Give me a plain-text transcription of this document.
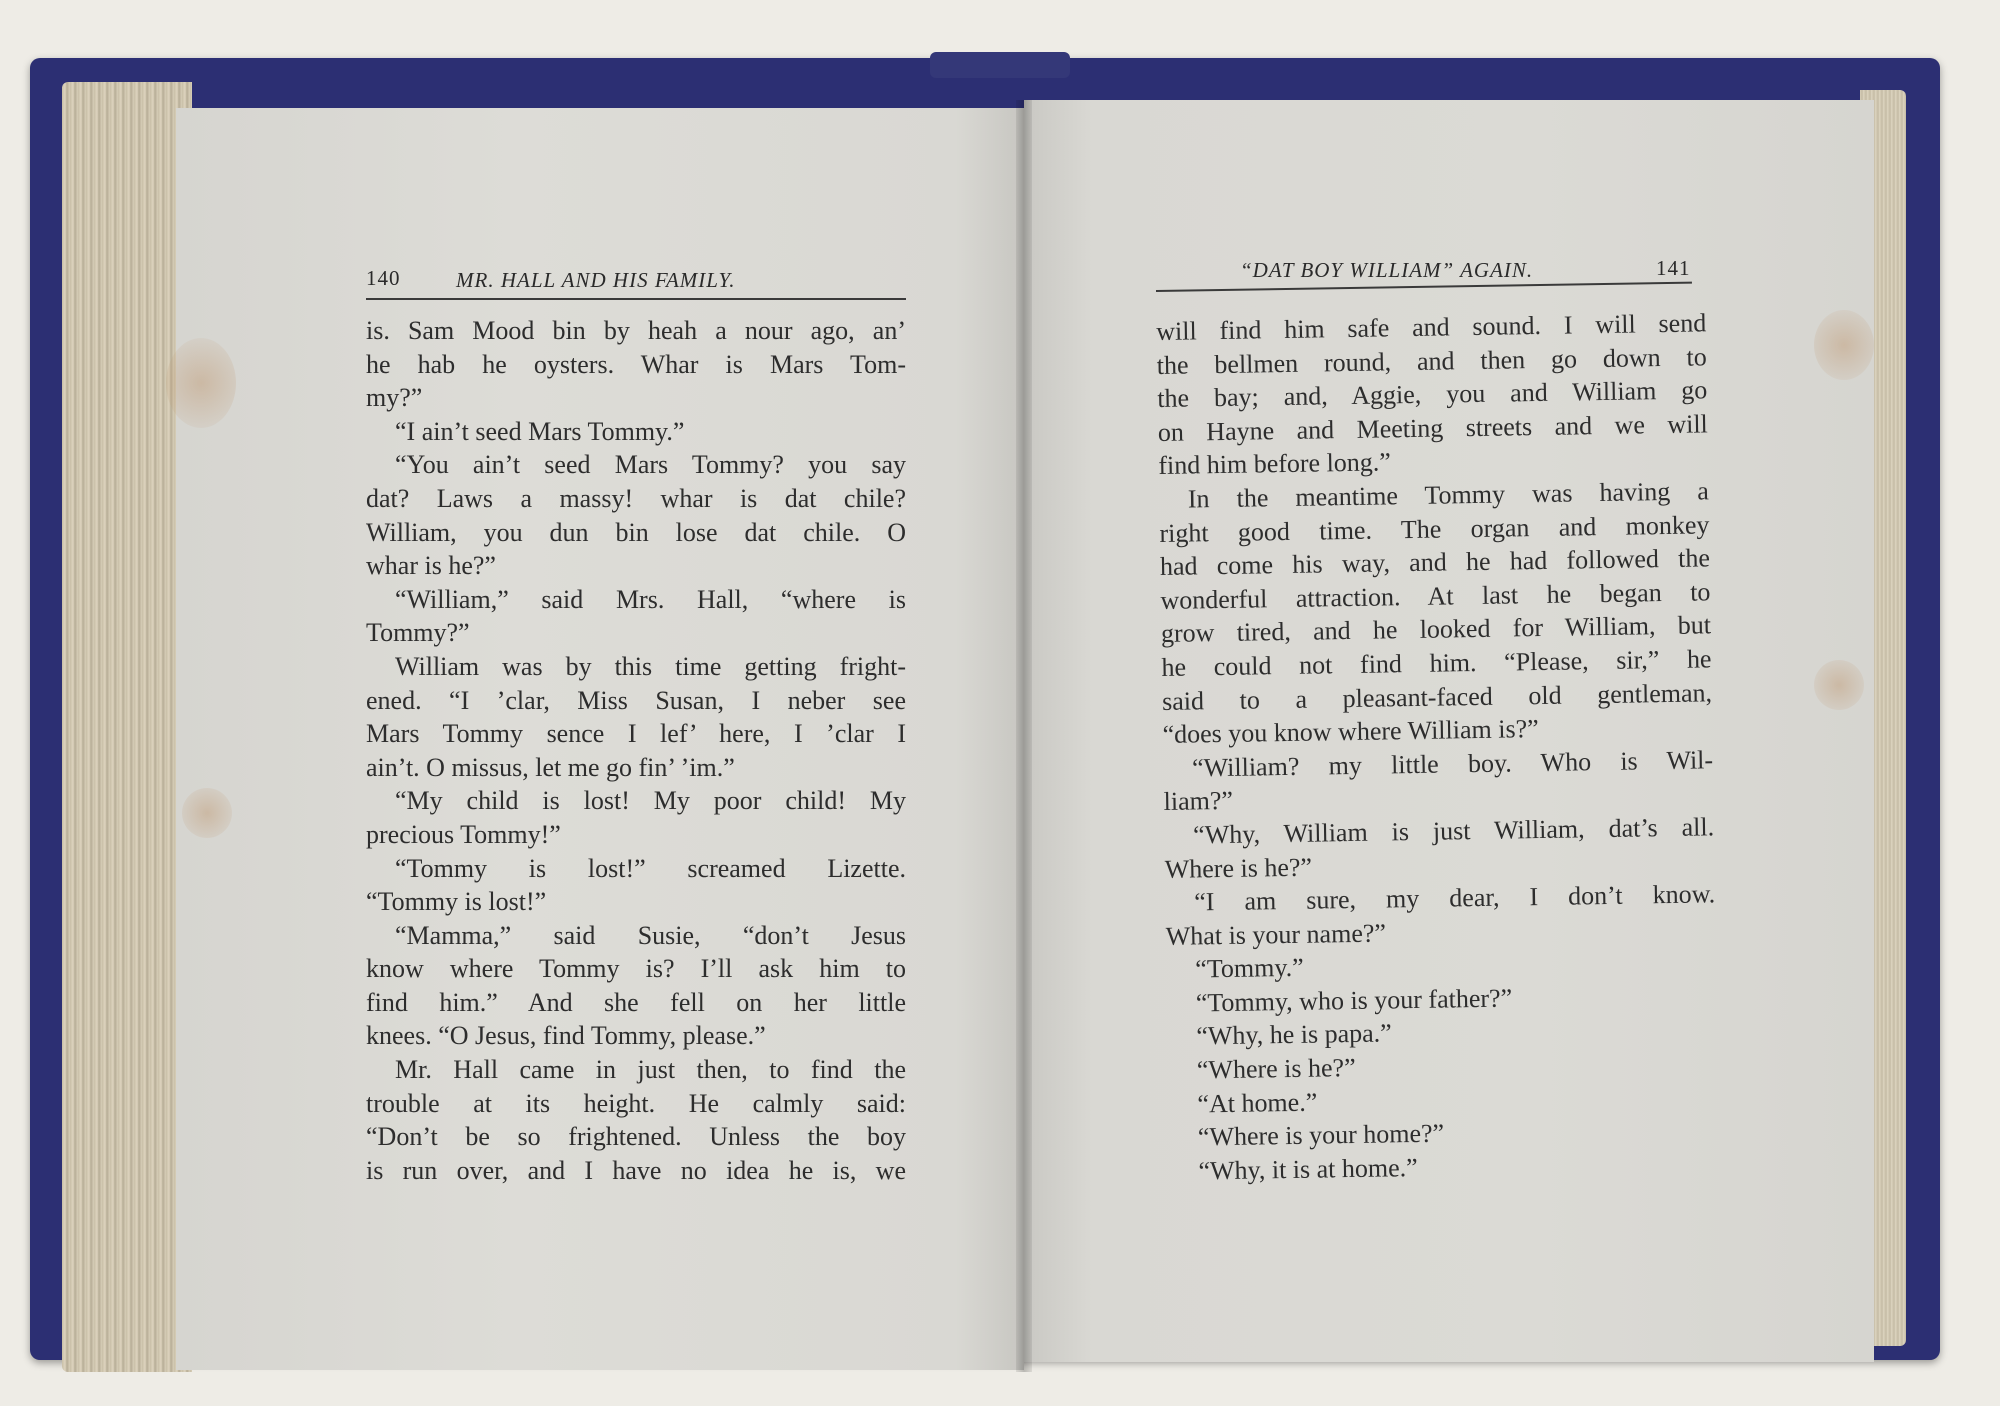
140	MR. HALL AND HIS FAMILY.
is. Sam Mood bin by heah a nour ago, an’
he hab he oysters. Whar is Mars Tom-
my?”
“I ain’t seed Mars Tommy.”
“You ain’t seed Mars Tommy? you say
dat? Laws a massy! whar is dat chile?
William, you dun bin lose dat chile. O
whar is he?”
“William,” said Mrs. Hall, “where is
Tommy?”
William was by this time getting fright-
ened. “I ’clar, Miss Susan, I neber see
Mars Tommy sence I lef’ here, I ’clar I
ain’t. O missus, let me go fin’ ’im.”
“My child is lost! My poor child! My
precious Tommy!”
“Tommy is lost!” screamed Lizette.
“Tommy is lost!”
“Mamma,” said Susie, “don’t Jesus
know where Tommy is? I’ll ask him to
find him.” And she fell on her little
knees. “O Jesus, find Tommy, please.”
Mr. Hall came in just then, to find the
trouble at its height. He calmly said:
“Don’t be so frightened. Unless the boy
is run over, and I have no idea he is, we
“DAT BOY WILLIAM” AGAIN.	141
will find him safe and sound. I will send
the bellmen round, and then go down to
the bay; and, Aggie, you and William go
on Hayne and Meeting streets and we will
find him before long.”
In the meantime Tommy was having a
right good time. The organ and monkey
had come his way, and he had followed the
wonderful attraction. At last he began to
grow tired, and he looked for William, but
he could not find him. “Please, sir,” he
said to a pleasant-faced old gentleman,
“does you know where William is?”
“William? my little boy. Who is Wil-
liam?”
“Why, William is just William, dat’s all.
Where is he?”
“I am sure, my dear, I don’t know.
What is your name?”
“Tommy.”
“Tommy, who is your father?”
“Why, he is papa.”
“Where is he?”
“At home.”
“Where is your home?”
“Why, it is at home.”
